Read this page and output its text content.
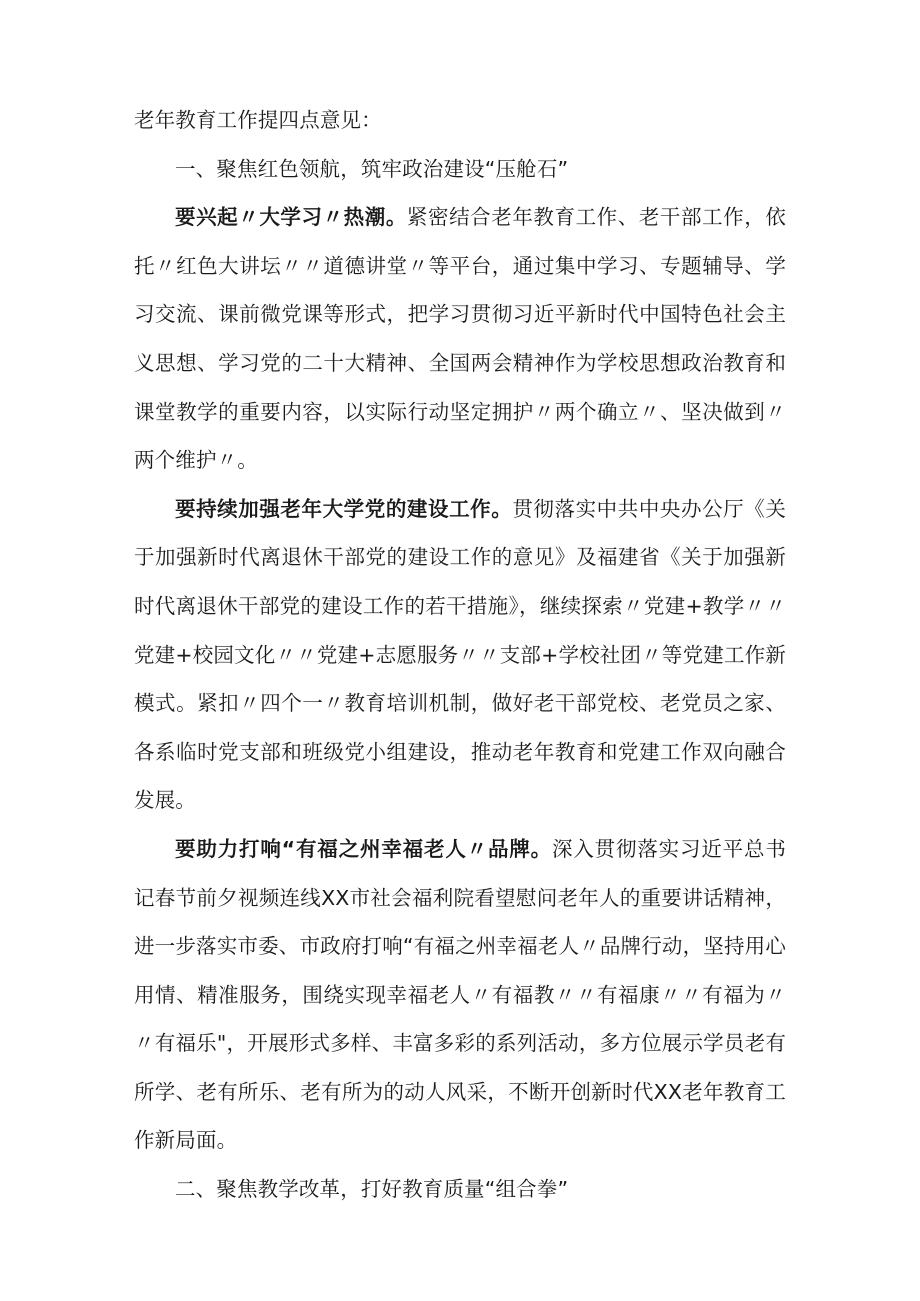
老年教育工作提四点意见：

一、聚焦红色领航，筑牢政治建设“压舱石”

要兴起〃大学习〃热潮。紧密结合老年教育工作、老干部工作，依托〃红色大讲坛〃〃道德讲堂〃等平台，通过集中学习、专题辅导、学习交流、课前微党课等形式，把学习贯彻习近平新时代中国特色社会主义思想、学习党的二十大精神、全国两会精神作为学校思想政治教育和课堂教学的重要内容，以实际行动坚定拥护〃两个确立〃、坚决做到〃两个维护〃。

要持续加强老年大学党的建设工作。贯彻落实中共中央办公厅《关于加强新时代离退休干部党的建设工作的意见》及福建省《关于加强新时代离退休干部党的建设工作的若干措施》，继续探索〃党建+教学〃〃党建+校园文化〃〃党建+志愿服务〃〃支部+学校社团〃等党建工作新模式。紧扣〃四个一〃教育培训机制，做好老干部党校、老党员之家、各系临时党支部和班级党小组建设，推动老年教育和党建工作双向融合发展。

要助力打响“有福之州幸福老人〃品牌。深入贯彻落实习近平总书记春节前夕视频连线XX市社会福利院看望慰问老年人的重要讲话精神，进一步落实市委、市政府打响“有福之州幸福老人〃品牌行动，坚持用心用情、精准服务，围绕实现幸福老人〃有福教〃〃有福康〃〃有福为〃〃有福乐"，开展形式多样、丰富多彩的系列活动，多方位展示学员老有所学、老有所乐、老有所为的动人风采，不断开创新时代XX老年教育工作新局面。

二、聚焦教学改革，打好教育质量“组合拳”
